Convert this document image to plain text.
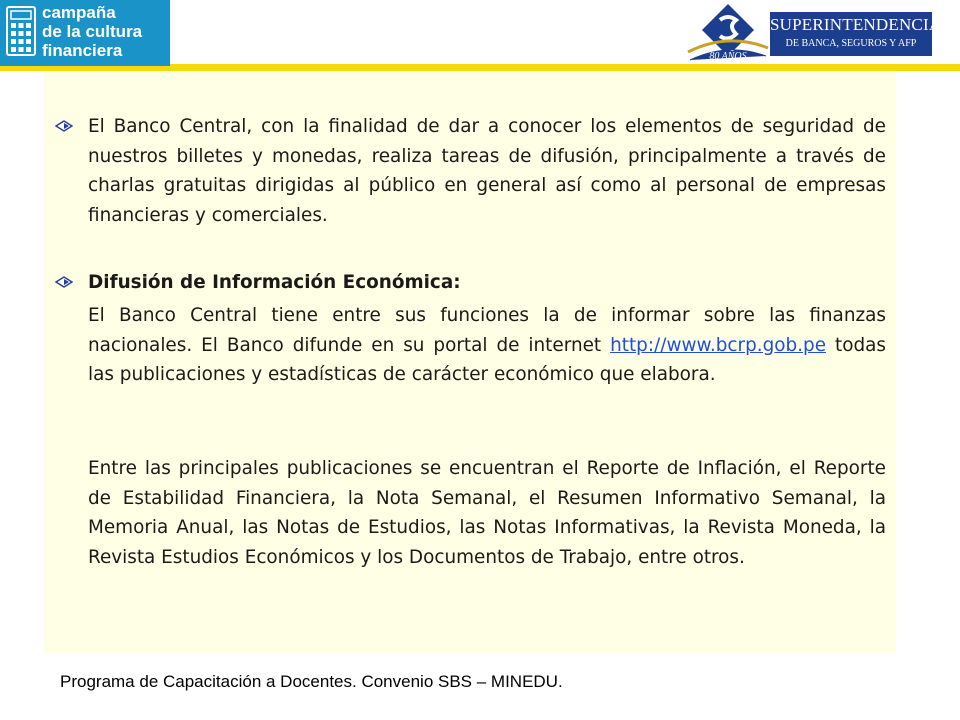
campaña
de la cultura
financiera	80 AÑOS
SUPERINTENDENCIA
DE BANCA, SEGUROS Y AFP

El Banco Central, con la finalidad de dar a conocer los elementos de seguridad de nuestros billetes y monedas, realiza tareas de difusión, principalmente a través de charlas gratuitas dirigidas al público en general así como al personal de empresas financieras y comerciales.

Difusión de Información Económica:

El Banco Central tiene entre sus funciones la de informar sobre las finanzas nacionales. El Banco difunde en su portal de internet http://www.bcrp.gob.pe todas las publicaciones y estadísticas de carácter económico que elabora.

Entre las principales publicaciones se encuentran el Reporte de Inflación, el Reporte de Estabilidad Financiera, la Nota Semanal, el Resumen Informativo Semanal, la Memoria Anual, las Notas de Estudios, las Notas Informativas, la Revista Moneda, la Revista Estudios Económicos y los Documentos de Trabajo, entre otros.

Programa de Capacitación a Docentes. Convenio SBS – MINEDU.
